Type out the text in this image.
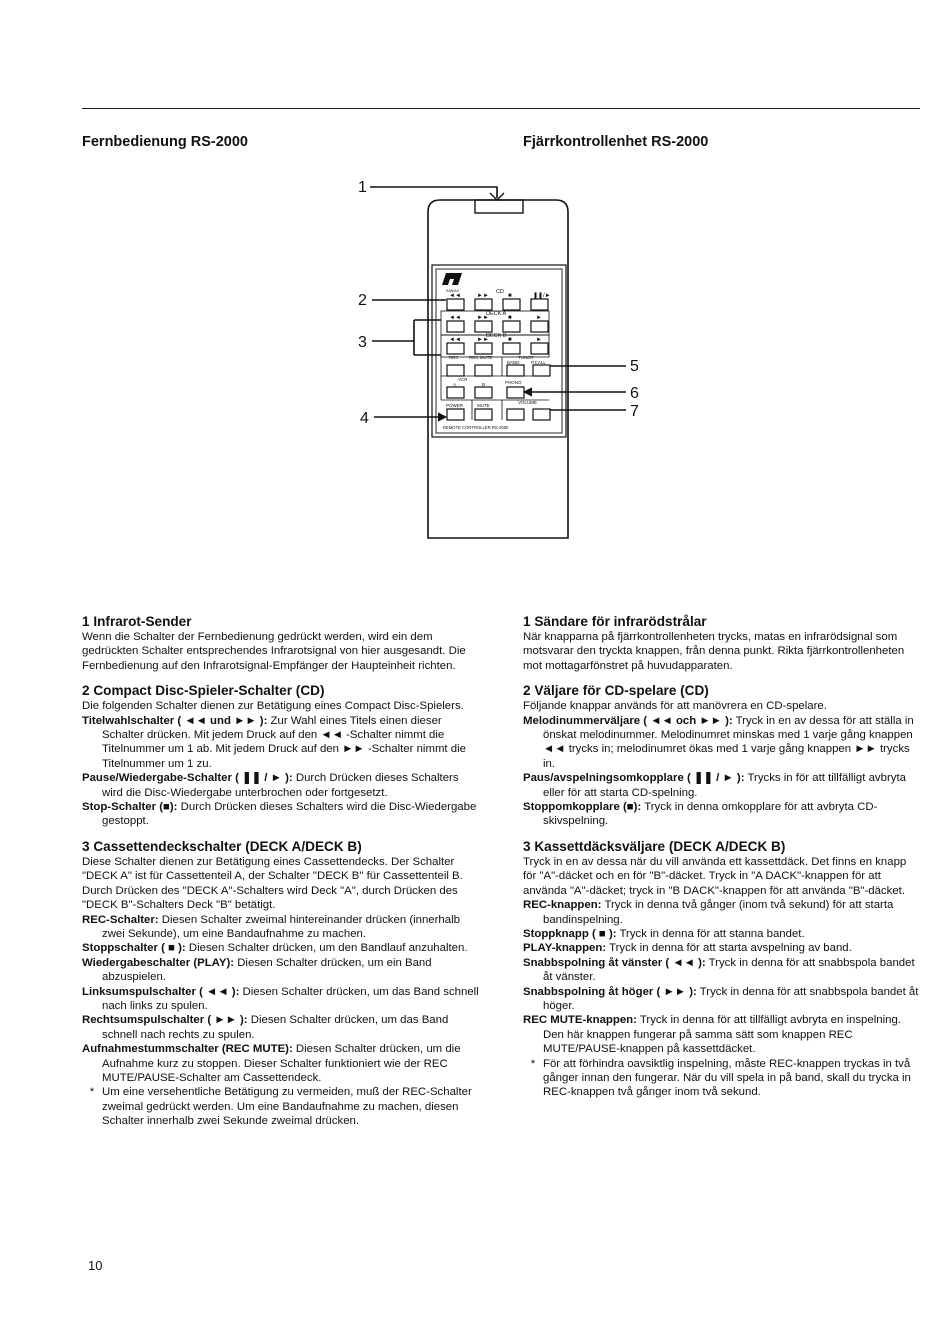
Fernbedienung RS-2000	Fjärrkontrollenhet RS-2000
SANSUI	CD
◄◄	►►	■	❚❚/►
DECK A
◄◄	►►	■	►
DECK B
◄◄	►►	■	►
REC REC MUTE	TUNER
BAND	P.CALL
VCR
A	B	PHONO
POWER	MUTE
VOLUME
REMOTE CONTROLLER RS-2000
1
2
3
4
5
6
7
1 Infrarot-Sender

Wenn die Schalter der Fernbedienung gedrückt werden, wird ein dem gedrückten Schalter entsprechendes Infrarotsignal von hier ausgesandt. Die Fernbedienung auf den Infrarotsignal-Empfänger der Haupteinheit richten.

2 Compact Disc-Spieler-Schalter (CD)

Die folgenden Schalter dienen zur Betätigung eines Compact Disc-Spielers.

Titelwahlschalter ( ◄◄ und ►► ): Zur Wahl eines Titels einen dieser Schalter drücken. Mit jedem Druck auf den ◄◄ -Schalter nimmt die Titelnummer um 1 ab. Mit jedem Druck auf den ►► -Schalter nimmt die Titelnummer um 1 zu.

Pause/Wiedergabe-Schalter ( ❚❚ / ► ): Durch Drücken dieses Schalters wird die Disc-Wiedergabe unterbrochen oder fortgesetzt.

Stop-Schalter (■): Durch Drücken dieses Schalters wird die Disc-Wiedergabe gestoppt.

3 Cassettendeckschalter (DECK A/DECK B)

Diese Schalter dienen zur Betätigung eines Cassettendecks. Der Schalter "DECK A" ist für Cassettenteil A, der Schalter "DECK B" für Cassettenteil B. Durch Drücken des "DECK A"-Schalters wird Deck "A", durch Drücken des "DECK B"-Schalters Deck "B" betätigt.

REC-Schalter: Diesen Schalter zweimal hintereinander drücken (innerhalb zwei Sekunde), um eine Bandaufnahme zu machen.

Stoppschalter ( ■ ): Diesen Schalter drücken, um den Bandlauf anzuhalten.

Wiedergabeschalter (PLAY): Diesen Schalter drücken, um ein Band abzuspielen.

Linksumspulschalter ( ◄◄ ): Diesen Schalter drücken, um das Band schnell nach links zu spulen.

Rechtsumspulschalter ( ►► ): Diesen Schalter drücken, um das Band schnell nach rechts zu spulen.

Aufnahmestummschalter (REC MUTE): Diesen Schalter drücken, um die Aufnahme kurz zu stoppen. Dieser Schalter funktioniert wie der REC MUTE/PAUSE-Schalter am Cassettendeck.

* Um eine versehentliche Betätigung zu vermeiden, muß der REC-Schalter zweimal gedrückt werden. Um eine Bandaufnahme zu machen, diesen Schalter innerhalb zwei Sekunde zweimal drücken.

1 Sändare för infrarödstrålar

När knapparna på fjärrkontrollenheten trycks, matas en infrarödsignal som motsvarar den tryckta knappen, från denna punkt. Rikta fjärrkontrollenheten mot mottagarfönstret på huvudapparaten.

2 Väljare för CD-spelare (CD)

Följande knappar används för att manövrera en CD-spelare.

Melodinummerväljare ( ◄◄ och ►► ): Tryck in en av dessa för att ställa in önskat melodinummer. Melodinumret minskas med 1 varje gång knappen ◄◄ trycks in; melodinumret ökas med 1 varje gång knappen ►► trycks in.

Paus/avspelningsomkopplare ( ❚❚ / ► ): Trycks in för att tillfälligt avbryta eller för att starta CD-spelning.

Stoppomkopplare (■): Tryck in denna omkopplare för att avbryta CD-skivspelning.

3 Kassettdäcksväljare (DECK A/DECK B)

Tryck in en av dessa när du vill använda ett kassettdäck. Det finns en knapp för "A"-däcket och en för "B"-däcket. Tryck in "A DACK"-knappen för att använda "A"-däcket; tryck in "B DACK"-knappen för att använda "B"-däcket.

REC-knappen: Tryck in denna två gånger (inom två sekund) för att starta bandinspelning.

Stoppknapp ( ■ ): Tryck in denna för att stanna bandet.

PLAY-knappen: Tryck in denna för att starta avspelning av band.

Snabbspolning åt vänster ( ◄◄ ): Tryck in denna för att snabbspola bandet åt vänster.

Snabbspolning åt höger ( ►► ): Tryck in denna för att snabbspola bandet åt höger.

REC MUTE-knappen: Tryck in denna för att tillfälligt avbryta en inspelning. Den här knappen fungerar på samma sätt som knappen REC MUTE/PAUSE-knappen på kassettdäcket.

* För att förhindra oavsiktlig inspelning, måste REC-knappen tryckas in två gånger innan den fungerar. När du vill spela in på band, skall du trycka in REC-knappen två gånger inom två sekund.

10
